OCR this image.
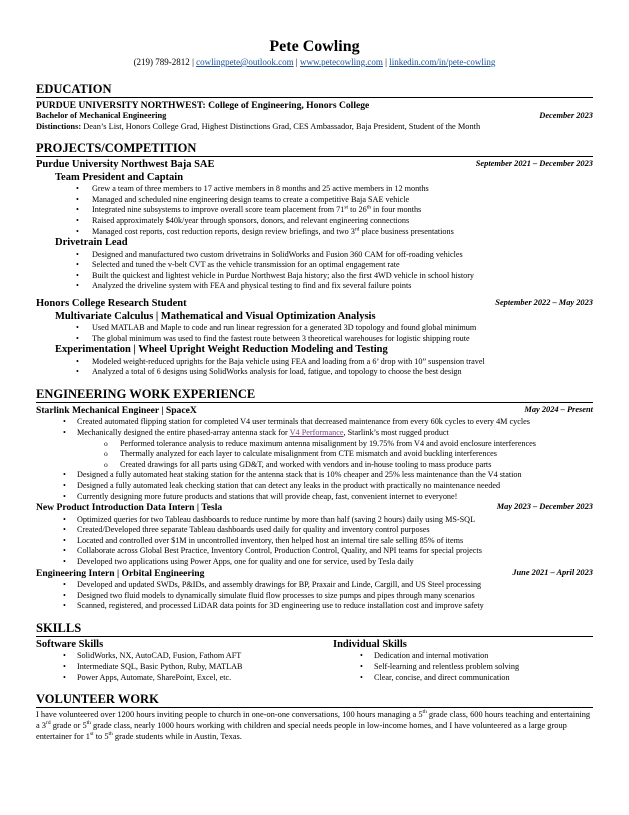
Pete Cowling
(219) 789-2812 | cowlingpete@outlook.com | www.petecowling.com | linkedin.com/in/pete-cowling
EDUCATION
PURDUE UNIVERSITY NORTHWEST: College of Engineering, Honors College
Bachelor of Mechanical Engineering	December 2023
Distinctions: Dean’s List, Honors College Grad, Highest Distinctions Grad, CES Ambassador, Baja President, Student of the Month
PROJECTS/COMPETITION
Purdue University Northwest Baja SAE	September 2021 – December 2023
Team President and Captain
• Grew a team of three members to 17 active members in 8 months and 25 active members in 12 months
• Managed and scheduled nine engineering design teams to create a competitive Baja SAE vehicle
• Integrated nine subsystems to improve overall score team placement from 71st to 26th in four months
• Raised approximately $40k/year through sponsors, donors, and relevant engineering connections
• Managed cost reports, cost reduction reports, design review briefings, and two 3rd place business presentations
Drivetrain Lead
• Designed and manufactured two custom drivetrains in SolidWorks and Fusion 360 CAM for off-roading vehicles
• Selected and tuned the v-belt CVT as the vehicle transmission for an optimal engagement rate
• Built the quickest and lightest vehicle in Purdue Northwest Baja history; also the first 4WD vehicle in school history
• Analyzed the driveline system with FEA and physical testing to find and fix several failure points
Honors College Research Student	September 2022 – May 2023
Multivariate Calculus | Mathematical and Visual Optimization Analysis
• Used MATLAB and Maple to code and run linear regression for a generated 3D topology and found global minimum
• The global minimum was used to find the fastest route between 3 theoretical warehouses for logistic shipping route
Experimentation | Wheel Upright Weight Reduction Modeling and Testing
• Modeled weight-reduced uprights for the Baja vehicle using FEA and loading from a 6’ drop with 10” suspension travel
• Analyzed a total of 6 designs using SolidWorks analysis for load, fatigue, and topology to choose the best design
ENGINEERING WORK EXPERIENCE
Starlink Mechanical Engineer | SpaceX	May 2024 – Present
• Created automated flipping station for completed V4 user terminals that decreased maintenance from every 60k cycles to every 4M cycles
• Mechanically designed the entire phased-array antenna stack for V4 Performance, Starlink’s most rugged product
o Performed tolerance analysis to reduce maximum antenna misalignment by 19.75% from V4 and avoid enclosure interferences
o Thermally analyzed for each layer to calculate misalignment from CTE mismatch and avoid buckling interferences
o Created drawings for all parts using GD&T, and worked with vendors and in-house tooling to mass produce parts
• Designed a fully automated heat staking station for the antenna stack that is 10% cheaper and 25% less maintenance than the V4 station
• Designed a fully automated leak checking station that can detect any leaks in the product with practically no maintenance needed
• Currently designing more future products and stations that will provide cheap, fast, convenient internet to everyone!
New Product Introduction Data Intern | Tesla	May 2023 – December 2023
• Optimized queries for two Tableau dashboards to reduce runtime by more than half (saving 2 hours) daily using MS-SQL
• Created/Developed three separate Tableau dashboards used daily for quality and inventory control purposes
• Located and controlled over $1M in uncontrolled inventory, then helped host an internal tire sale selling 85% of items
• Collaborate across Global Best Practice, Inventory Control, Production Control, Quality, and NPI teams for special projects
• Developed two applications using Power Apps, one for quality and one for service, used by Tesla daily
Engineering Intern | Orbital Engineering	June 2021 – April 2023
• Developed and updated SWDs, P&IDs, and assembly drawings for BP, Praxair and Linde, Cargill, and US Steel processing
• Designed two fluid models to dynamically simulate fluid flow processes to size pumps and pipes through many scenarios
• Scanned, registered, and processed LiDAR data points for 3D engineering use to reduce installation cost and improve safety
SKILLS
Software Skills
• SolidWorks, NX, AutoCAD, Fusion, Fathom AFT
• Intermediate SQL, Basic Python, Ruby, MATLAB
• Power Apps, Automate, SharePoint, Excel, etc.
Individual Skills
• Dedication and internal motivation
• Self-learning and relentless problem solving
• Clear, concise, and direct communication
VOLUNTEER WORK
I have volunteered over 1200 hours inviting people to church in one-on-one conversations, 100 hours managing a 5th grade class, 600 hours teaching and entertaining a 3rd grade or 5th grade class, nearly 1000 hours working with children and special needs people in low-income homes, and I have volunteered as a large group entertainer for 1st to 5th grade students while in Austin, Texas.
